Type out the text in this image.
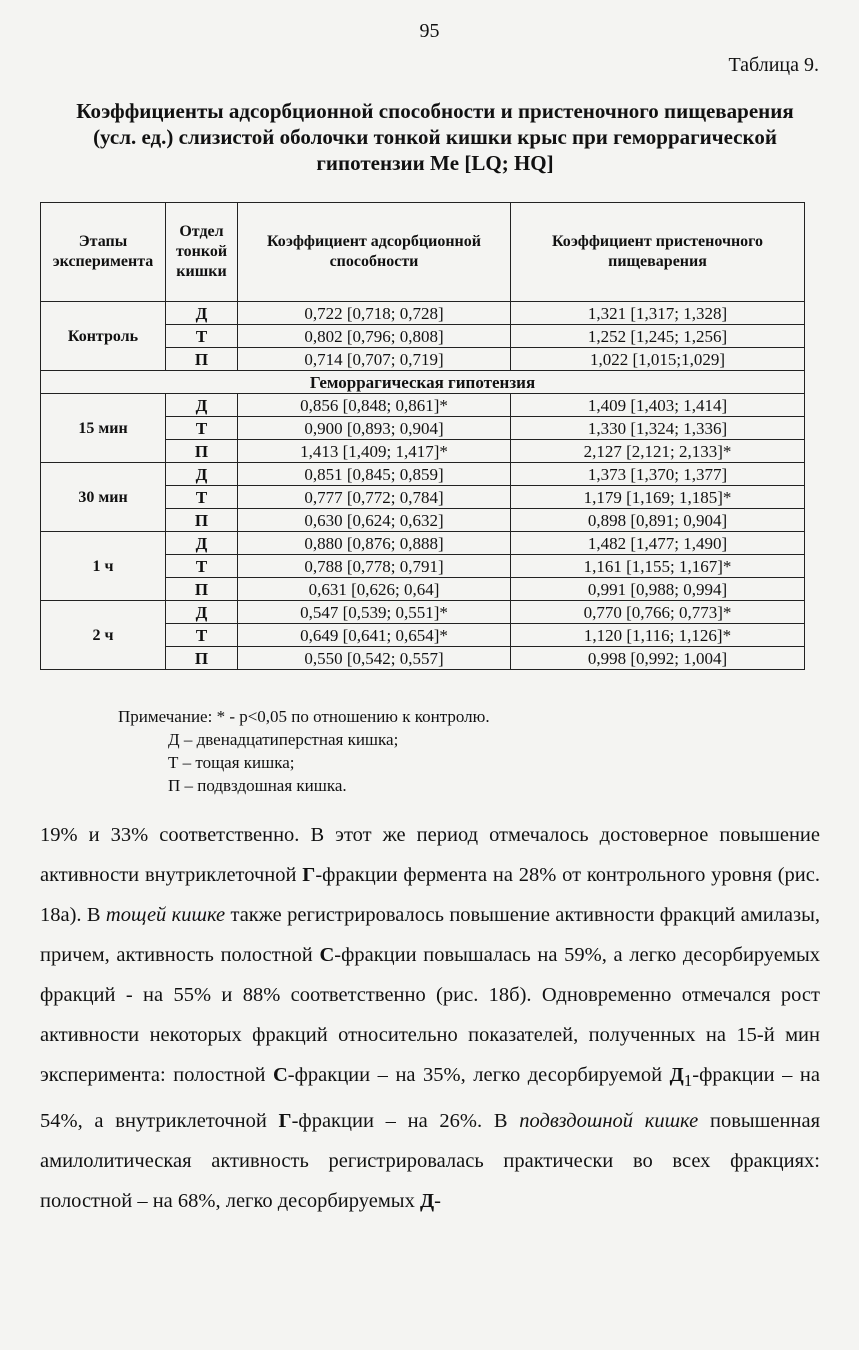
95
Таблица 9.
Коэффициенты адсорбционной способности и пристеночного пищеварения (усл. ед.) слизистой оболочки тонкой кишки крыс при геморрагической гипотензии Me [LQ; HQ]
Этапы эксперимента	Отдел тонкой кишки	Коэффициент адсорбционной способности	Коэффициент пристеночного пищеварения
Контроль	Д	0,722 [0,718; 0,728]	1,321 [1,317; 1,328]
	Т	0,802 [0,796; 0,808]	1,252 [1,245; 1,256]
	П	0,714 [0,707; 0,719]	1,022 [1,015;1,029]
Геморрагическая гипотензия			
15 мин	Д	0,856 [0,848; 0,861]*	1,409 [1,403; 1,414]
	Т	0,900 [0,893; 0,904]	1,330 [1,324; 1,336]
	П	1,413 [1,409; 1,417]*	2,127 [2,121; 2,133]*
30 мин	Д	0,851 [0,845; 0,859]	1,373 [1,370; 1,377]
	Т	0,777 [0,772; 0,784]	1,179 [1,169; 1,185]*
	П	0,630 [0,624; 0,632]	0,898 [0,891; 0,904]
1 ч	Д	0,880 [0,876; 0,888]	1,482 [1,477; 1,490]
	Т	0,788 [0,778; 0,791]	1,161 [1,155; 1,167]*
	П	0,631 [0,626; 0,64]	0,991 [0,988; 0,994]
2 ч	Д	0,547 [0,539; 0,551]*	0,770 [0,766; 0,773]*
	Т	0,649 [0,641; 0,654]*	1,120 [1,116; 1,126]*
	П	0,550 [0,542; 0,557]	0,998 [0,992; 1,004]
Примечание: * - p<0,05 по отношению к контролю.
Д – двенадцатиперстная кишка;
Т – тощая кишка;
П – подвздошная кишка.

19% и 33% соответственно. В этот же период отмечалось достоверное повышение активности внутриклеточной Г-фракции фермента на 28% от контрольного уровня (рис. 18а). В тощей кишке также регистрировалось повышение активности фракций амилазы, причем, активность полостной С-фракции повышалась на 59%, а легко десорбируемых фракций - на 55% и 88% соответственно (рис. 18б). Одновременно отмечался рост активности некоторых фракций относительно показателей, полученных на 15-й мин эксперимента: полостной С-фракции – на 35%, легко десорбируемой $Д_1$-фракции – на 54%, а внутриклеточной Г-фракции – на 26%. В подвздошной кишке повышенная амилолитическая активность регистрировалась практически во всех фракциях: полостной – на 68%, легко десорбируемых Д-
